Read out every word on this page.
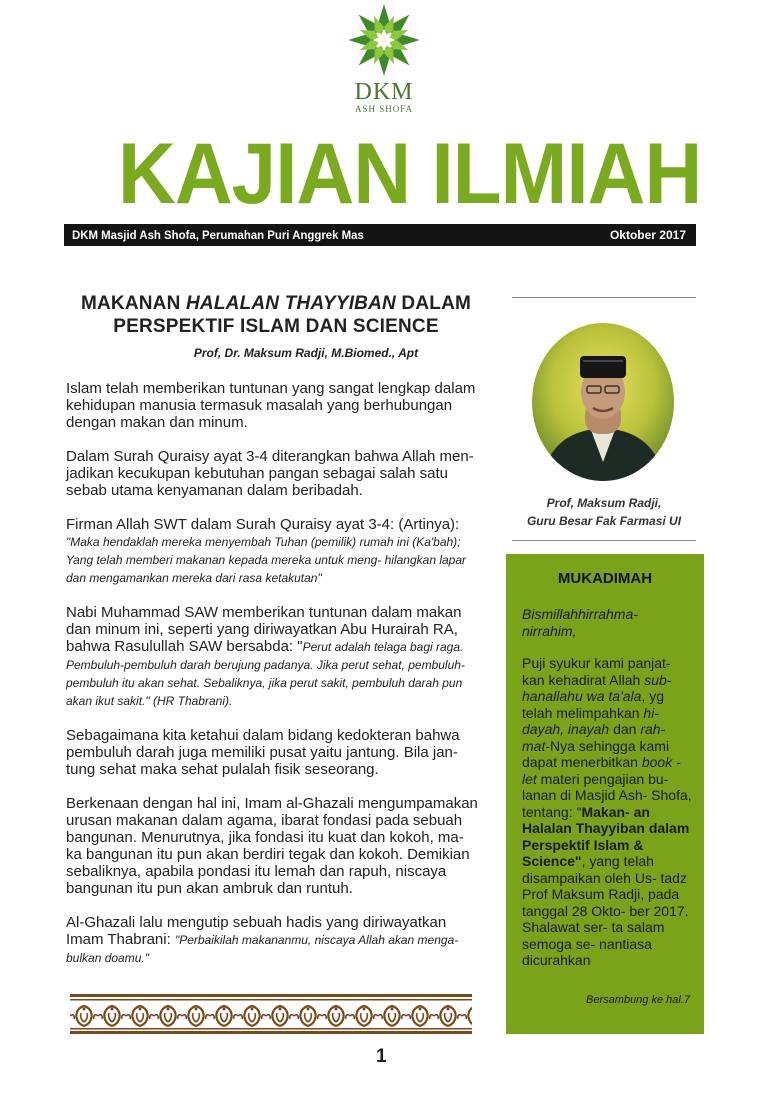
DKM
ASH SHOFA
KAJIAN ILMIAH
DKM Masjid Ash Shofa, Perumahan Puri Anggrek Mas	Oktober 2017
MAKANAN HALALAN THAYYIBAN DALAM
PERSPEKTIF ISLAM DAN SCIENCE
Prof, Dr. Maksum Radji, M.Biomed., Apt
Islam telah memberikan tuntunan yang sangat lengkap dalam kehidupan manusia termasuk masalah yang berhubungan dengan makan dan minum.
Dalam Surah Quraisy ayat 3-4 diterangkan bahwa Allah men- jadikan kecukupan kebutuhan pangan sebagai salah satu sebab utama kenyamanan dalam beribadah.
Firman Allah SWT dalam Surah Quraisy ayat 3-4: (Artinya): "Maka hendaklah mereka menyembah Tuhan (pemilik) rumah ini (Ka'bah); Yang telah memberi makanan kepada mereka untuk meng- hilangkan lapar dan mengamankan mereka dari rasa ketakutan"
Nabi Muhammad SAW memberikan tuntunan dalam makan dan minum ini, seperti yang diriwayatkan Abu Hurairah RA, bahwa Rasulullah SAW bersabda: "Perut adalah telaga bagi raga. Pembuluh-pembuluh darah berujung padanya. Jika perut sehat, pembuluh- pembuluh itu akan sehat. Sebaliknya, jika perut sakit, pembuluh darah pun akan ikut sakit." (HR Thabrani).
Sebagaimana kita ketahui dalam bidang kedokteran bahwa pembuluh darah juga memiliki pusat yaitu jantung. Bila jan- tung sehat maka sehat pulalah fisik seseorang.
Berkenaan dengan hal ini, Imam al-Ghazali mengumpamakan urusan makanan dalam agama, ibarat fondasi pada sebuah bangunan. Menurutnya, jika fondasi itu kuat dan kokoh, ma- ka bangunan itu pun akan berdiri tegak dan kokoh. Demikian sebaliknya, apabila pondasi itu lemah dan rapuh, niscaya bangunan itu pun akan ambruk dan runtuh.
Al-Ghazali lalu mengutip sebuah hadis yang diriwayatkan Imam Thabrani: "Perbaikilah makananmu, niscaya Allah akan menga- bulkan doamu."
1
Prof, Maksum Radji,
Guru Besar Fak Farmasi UI
MUKADIMAH

Bismillahhirrahma- nirrahim,

Puji syukur kami panjat- kan kehadirat Allah sub- hanallahu wa ta'ala, yg telah melimpahkan hi- dayah, inayah dan rah- mat-Nya sehingga kami dapat menerbitkan book -let materi pengajian bu- lanan di Masjid Ash- Shofa, tentang: "Makan- an Halalan Thayyiban dalam Perspektif Islam & Science", yang telah disampaikan oleh Us- tadz Prof Maksum Radji, pada tanggal 28 Okto- ber 2017. Shalawat ser- ta salam semoga se- nantiasa dicurahkan

Bersambung ke hal.7
